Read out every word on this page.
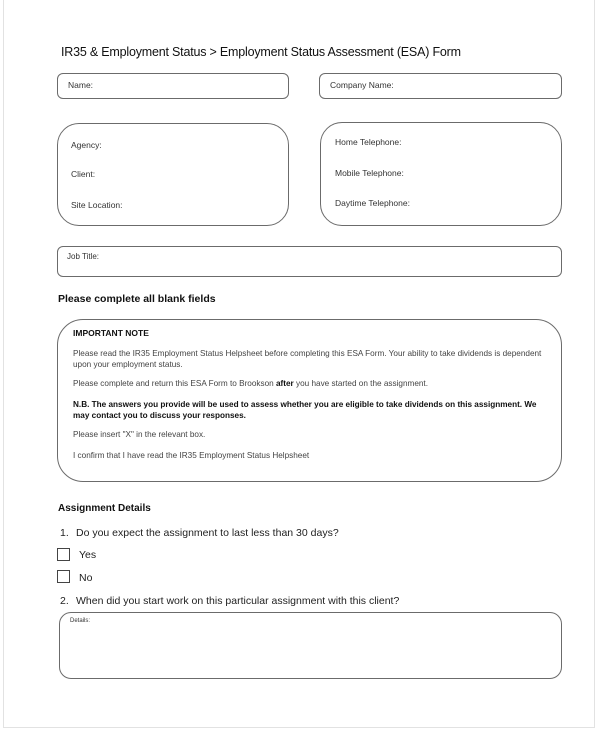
IR35 & Employment Status > Employment Status Assessment (ESA) Form
Name:	Company Name:
Agency:
Client:
Site Location:
Home Telephone:
Mobile Telephone:
Daytime Telephone:
Job Title:
Please complete all blank fields
IMPORTANT NOTE
Please read the IR35 Employment Status Helpsheet before completing this ESA Form. Your ability to take dividends is dependent upon your employment status.
Please complete and return this ESA Form to Brookson after you have started on the assignment.
N.B. The answers you provide will be used to assess whether you are eligible to take dividends on this assignment. We may contact you to discuss your responses.
Please insert "X" in the relevant box.
I confirm that I have read the IR35 Employment Status Helpsheet
Assignment Details
1. Do you expect the assignment to last less than 30 days?
Yes
No
2. When did you start work on this particular assignment with this client?
Details:
